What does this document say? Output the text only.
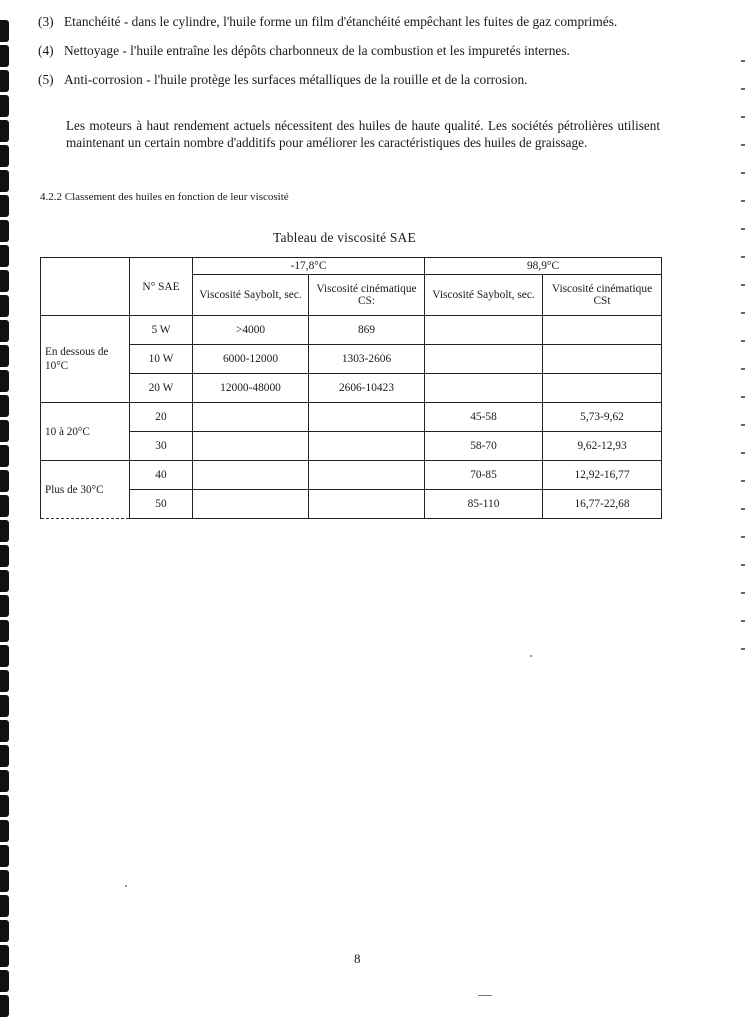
(3) Etanchéité - dans le cylindre, l'huile forme un film d'étanchéité empêchant les fuites de gaz comprimés.
(4) Nettoyage - l'huile entraîne les dépôts charbonneux de la combustion et les impuretés internes.
(5) Anti-corrosion - l'huile protège les surfaces métalliques de la rouille et de la corrosion.
Les moteurs à haut rendement actuels nécessitent des huiles de haute qualité. Les sociétés pétrolières utilisent maintenant un certain nombre d'additifs pour améliorer les caractéristiques des huiles de graissage.
4.2.2 Classement des huiles en fonction de leur viscosité
Tableau de viscosité SAE
	N° SAE	-17,8°C		98,9°C	
		Viscosité Saybolt, sec.	Viscosité cinématique CS:	Viscosité Saybolt, sec.	Viscosité cinématique CSt
En dessous de 10°C	5 W	>4000	869		
	10 W	6000-12000	1303-2606		
	20 W	12000-48000	2606-10423		
10 à 20°C	20			45-58	5,73-9,62
	30			58-70	9,62-12,93
Plus de 30°C	40			70-85	12,92-16,77
	50			85-110	16,77-22,68
8
